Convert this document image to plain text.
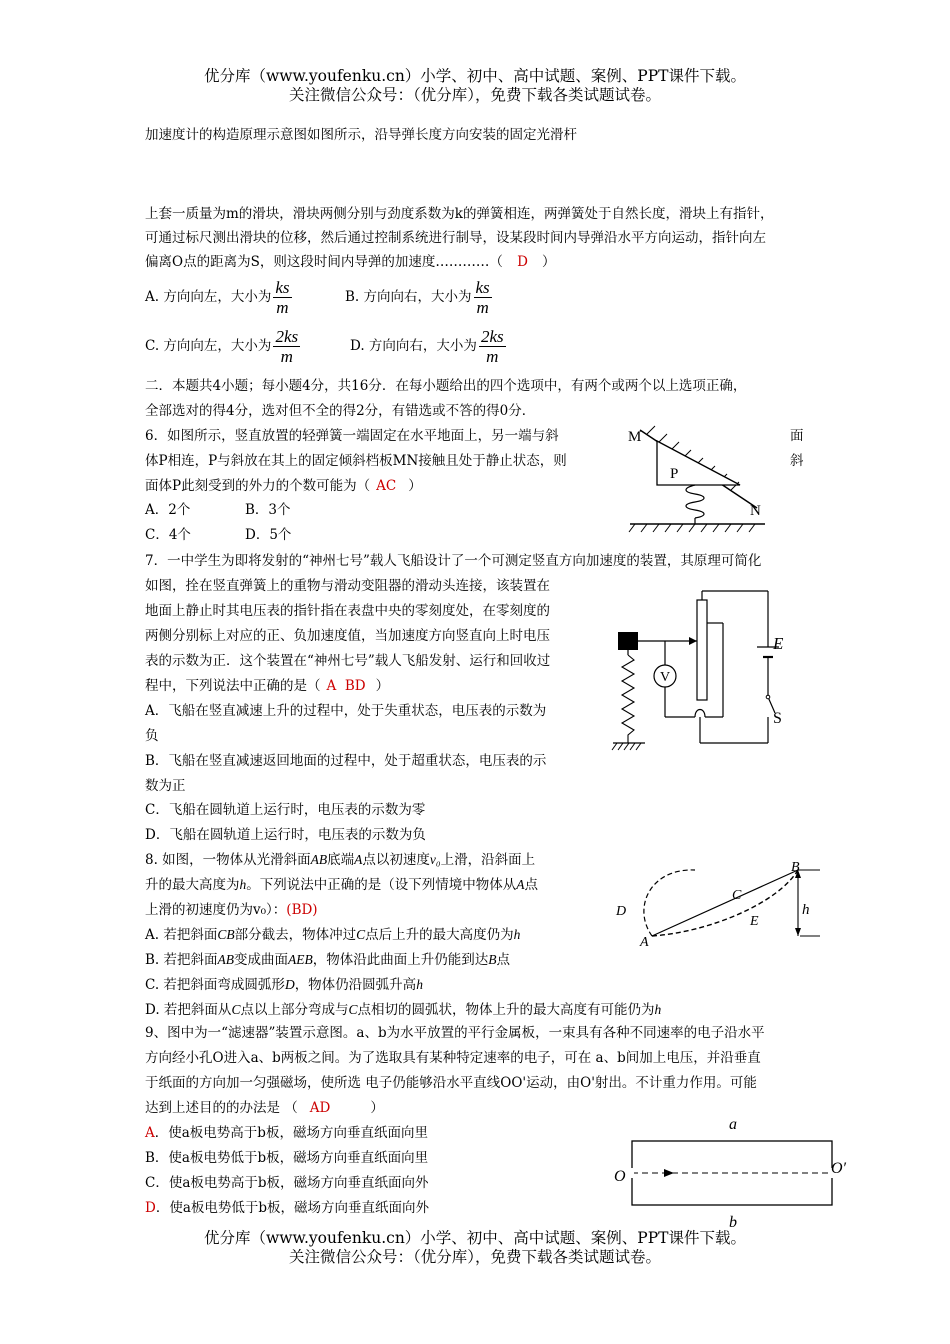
优分库（www.youfenku.cn）小学、初中、高中试题、案例、PPT课件下载。
关注微信公众号：（优分库），免费下载各类试题试卷。
加速度计的构造原理示意图如图所示，沿导弹长度方向安装的固定光滑杆
上套一质量为m的滑块，滑块两侧分别与劲度系数为k的弹簧相连，两弹簧处于自然长度，滑块上有指针，
可通过标尺测出滑块的位移，然后通过控制系统进行制导，设某段时间内导弹沿水平方向运动，指针向左
偏离O点的距离为S，则这段时间内导弹的加速度…………（ D ）
A. 方向向左，大小为 $\frac{ks}{m}$	B. 方向向右，大小为 $\frac{ks}{m}$
C. 方向向左，大小为 $\frac{2ks}{m}$	D. 方向向右，大小为 $\frac{2ks}{m}$
二．本题共4小题；每小题4分，共16分．在每小题给出的四个选项中，有两个或两个以上选项正确，
全部选对的得4分，选对但不全的得2分，有错选或不答的得0分．
6．如图所示，竖直放置的轻弹簧一端固定在水平地面上，另一端与斜
体P相连，P与斜放在其上的固定倾斜档板MN接触且处于静止状态，则
面体P此刻受到的外力的个数可能为（ AC ）
面
斜
A．2个	B．3个
C．4个	D．5个
M
P
N
7．一中学生为即将发射的“神州七号”载人飞船设计了一个可测定竖直方向加速度的装置，其原理可简化
如图，拴在竖直弹簧上的重物与滑动变阻器的滑动头连接，该装置在
地面上静止时其电压表的指针指在表盘中央的零刻度处，在零刻度的
两侧分别标上对应的正、负加速度值，当加速度方向竖直向上时电压
表的示数为正．这个装置在“神州七号”载人飞船发射、运行和回收过
程中，下列说法中正确的是（ A  BD ）
A．飞船在竖直减速上升的过程中，处于失重状态，电压表的示数为
负
B．飞船在竖直减速返回地面的过程中，处于超重状态，电压表的示
数为正
C．飞船在圆轨道上运行时，电压表的示数为零
D．飞船在圆轨道上运行时，电压表的示数为负
V
E
S
8. 如图，一物体从光滑斜面AB底端A点以初速度v₀上滑，沿斜面上
升的最大高度为h。下列说法中正确的是（设下列情境中物体从A点
上滑的初速度仍为v₀）：(BD)
A. 若把斜面CB部分截去，物体冲过C点后上升的最大高度仍为h
B. 若把斜面AB变成曲面AEB，物体沿此曲面上升仍能到达B点
C. 若把斜面弯成圆弧形D，物体仍沿圆弧升高h
D. 若把斜面从C点以上部分弯成与C点相切的圆弧状，物体上升的最大高度有可能仍为h
B
C
E
h
D
A
9、图中为一“滤速器”装置示意图。a、b为水平放置的平行金属板，一束具有各种不同速率的电子沿水平
方向经小孔O进入a、b两板之间。为了选取具有某种特定速率的电子，可在 a、b间加上电压，并沿垂直
于纸面的方向加一匀强磁场，使所选 电子仍能够沿水平直线OO'运动，由O'射出。不计重力作用。可能
达到上述目的的办法是 （ AD	）
A．使a板电势高于b板，磁场方向垂直纸面向里
B．使a板电势低于b板，磁场方向垂直纸面向里
C．使a板电势高于b板，磁场方向垂直纸面向外
D．使a板电势低于b板，磁场方向垂直纸面向外
a
b
O	O′
优分库（www.youfenku.cn）小学、初中、高中试题、案例、PPT课件下载。
关注微信公众号：（优分库），免费下载各类试题试卷。
